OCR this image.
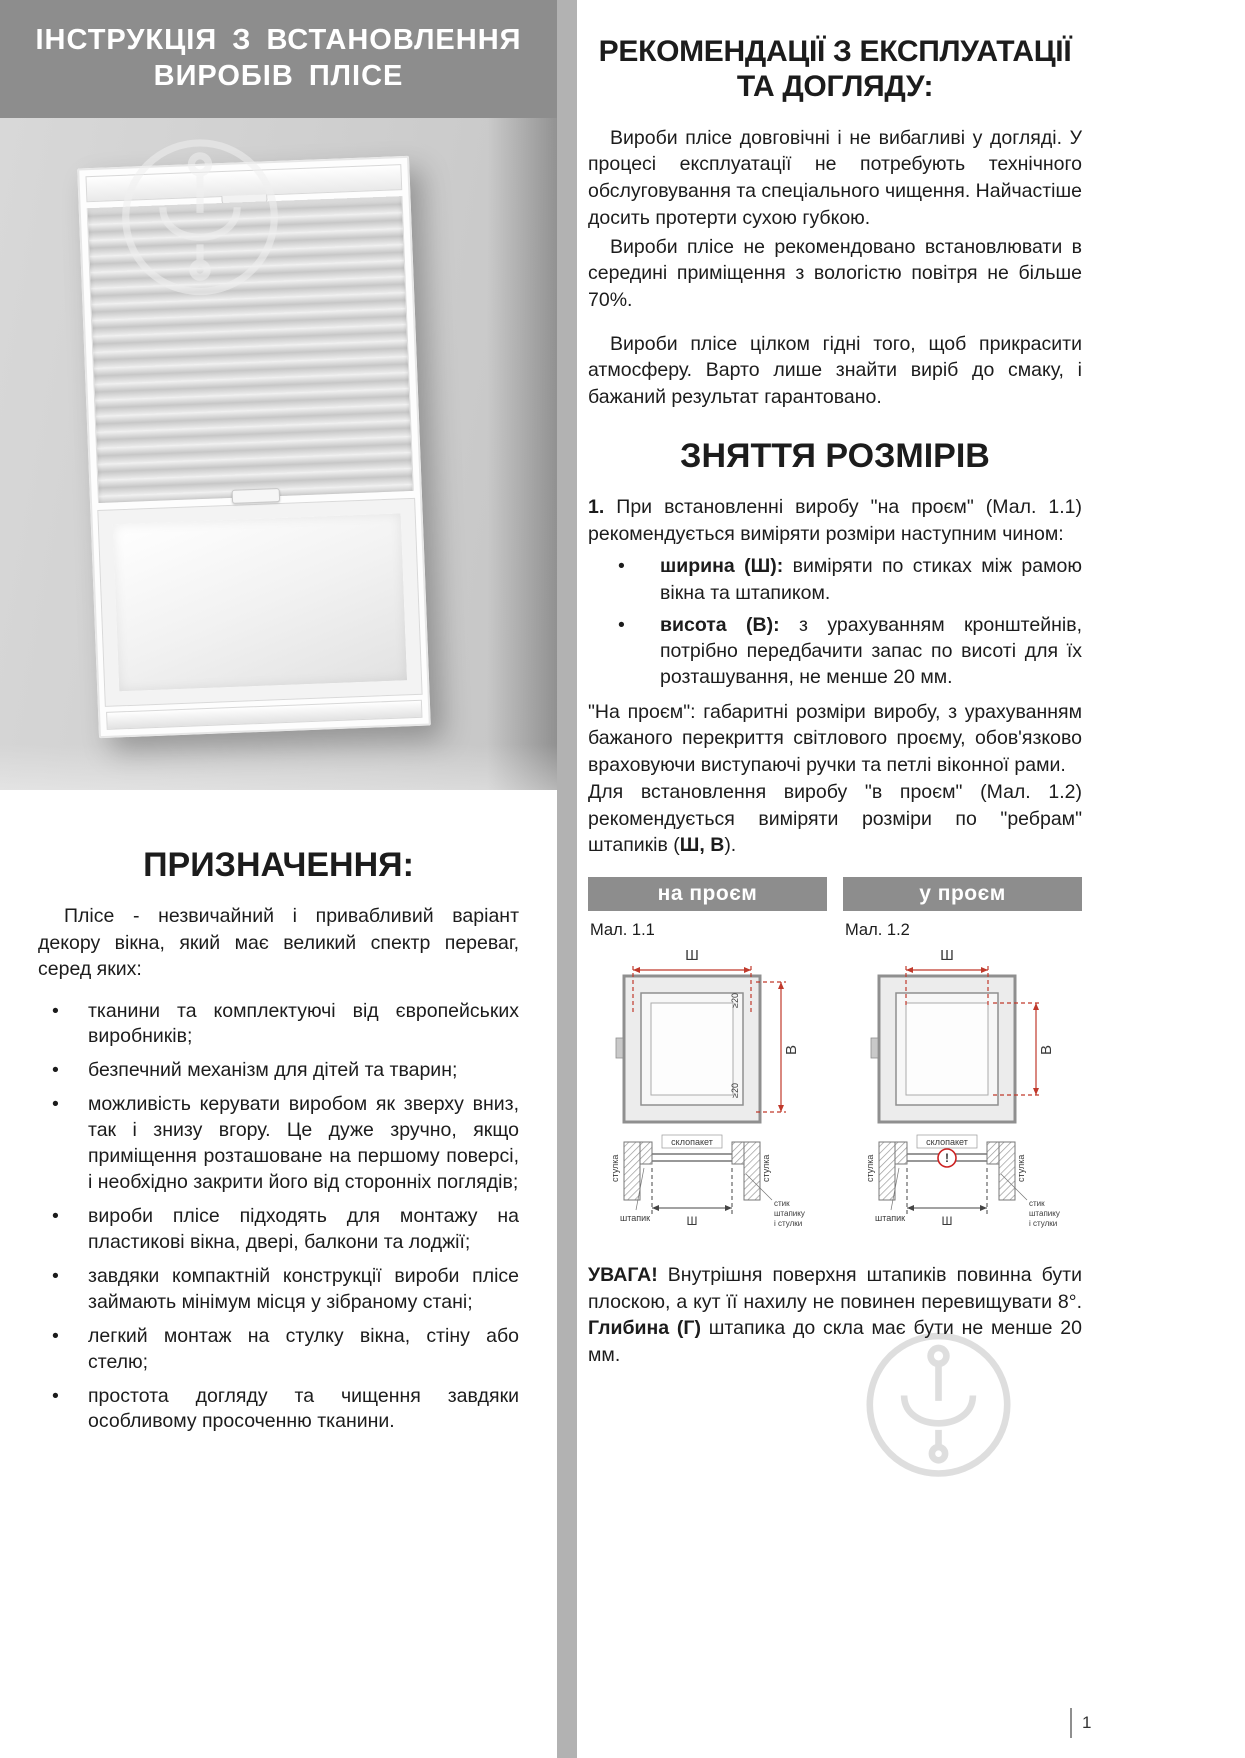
ІНСТРУКЦІЯ З ВСТАНОВЛЕННЯ
ВИРОБІВ ПЛІСЕ
ПРИЗНАЧЕННЯ:

Плісе - незвичайний і привабливий варіант декору вікна, який має великий спектр переваг, серед яких:

• тканини та комплектуючі від європейських виробників;
• безпечний механізм для дітей та тварин;
• можливість керувати виробом як зверху вниз, так і знизу вгору. Це дуже зручно, якщо приміщення розташоване на першому поверсі, і необхідно закрити його від сторонніх поглядів;
• вироби плісе підходять для монтажу на пластикові вікна, двері, балкони та лоджії;
• завдяки компактній конструкції вироби плісе займають мінімум місця у зібраному стані;
• легкий монтаж на стулку вікна, стіну або стелю;
• простота догляду та чищення завдяки особливому просоченню тканини.
РЕКОМЕНДАЦІЇ З ЕКСПЛУАТАЦІЇ
ТА ДОГЛЯДУ:

Вироби плісе довговічні і не вибагливі у догляді. У процесі експлуатації не потребують технічного обслуговування та спеціального чищення. Найчастіше досить протерти сухою губкою.

Вироби плісе не рекомендовано встановлювати в середині приміщення з вологістю повітря не більше 70%.

Вироби плісе цілком гідні того, щоб прикрасити атмосферу. Варто лише знайти виріб до смаку, і бажаний результат гарантовано.

ЗНЯТТЯ РОЗМІРІВ

1. При встановленні виробу "на проєм" (Мал. 1.1) рекомендується виміряти розміри наступним чином:

• ширина (Ш): виміряти по стиках між рамою вікна та штапиком.
• висота (В): з урахуванням кронштейнів, потрібно передбачити запас по висоті для їх розташування, не менше 20 мм.

"На проєм": габаритні розміри виробу, з урахуванням бажаного перекриття світлового проєму, обов'язково враховуючи виступаючі ручки та петлі віконної рами.

Для встановлення виробу "в проєм" (Мал. 1.2) рекомендується виміряти розміри по "ребрам" штапиків (Ш, В).

на проєм
Мал. 1.1
Ш
В
≥20
≥20
склопакет
стулка	стулка
штапик	Ш
стик
штапику
і стулки
у проєм
Мал. 1.2
Ш
В
склопакет
!
стулка	стулка
штапик	Ш
стик
штапику
і стулки

УВАГА! Внутрішня поверхня штапиків повинна бути плоскою, а кут її нахилу не повинен перевищувати 8°. Глибина (Г) штапика до скла має бути не менше 20 мм.

1
